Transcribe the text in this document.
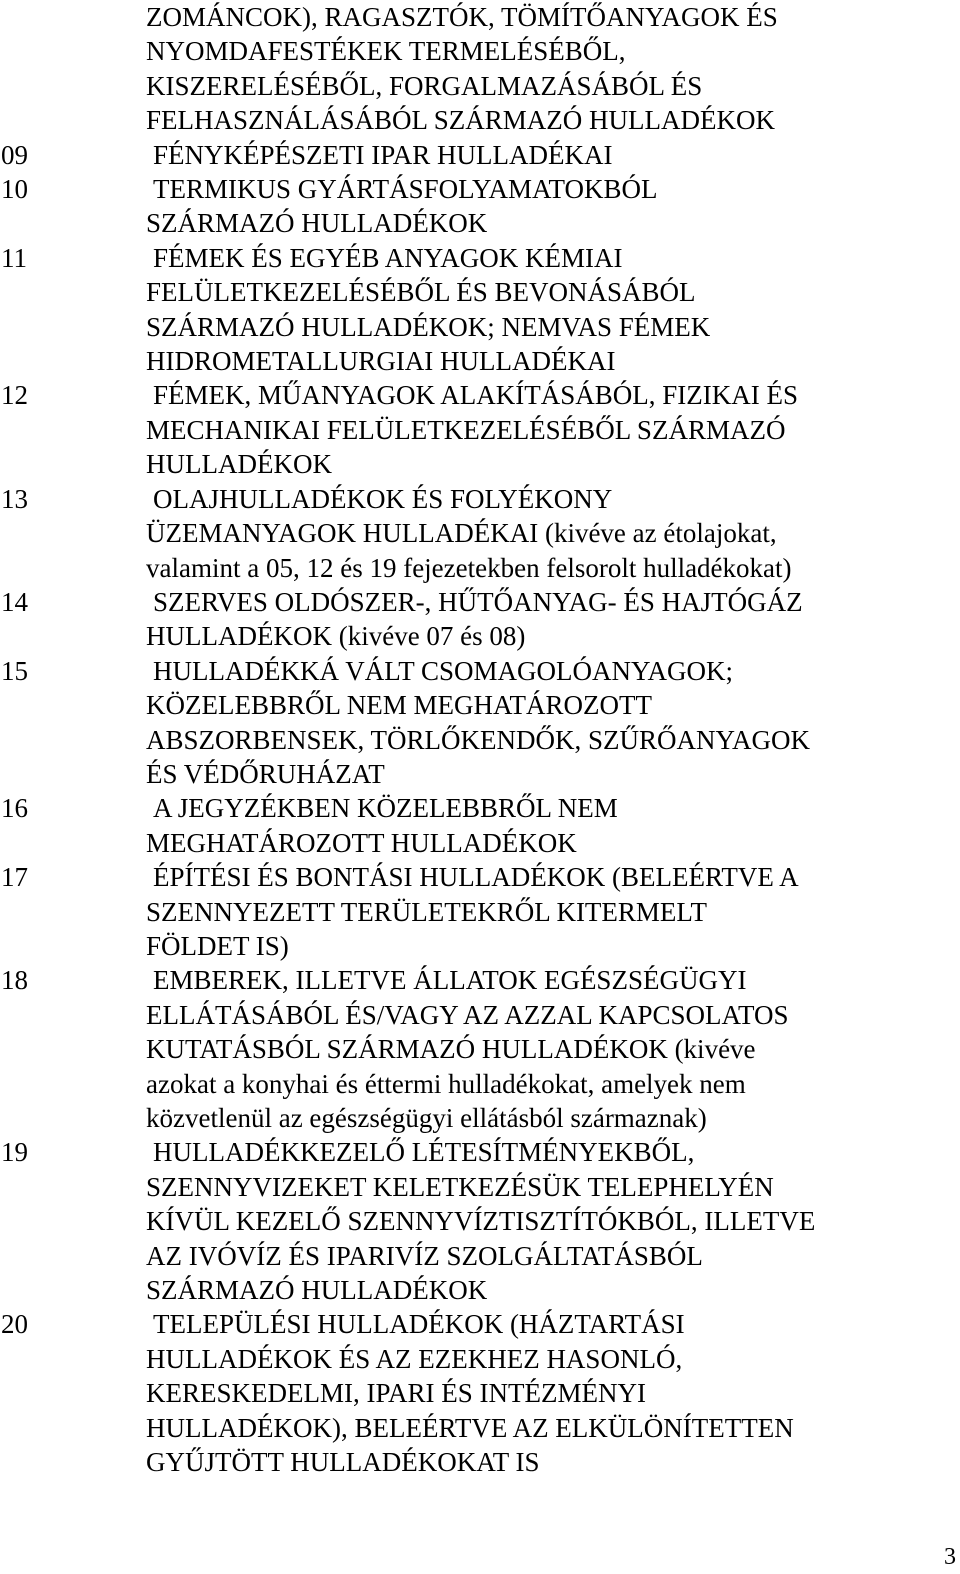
ZOMÁNCOK), RAGASZTÓK, TÖMÍTŐANYAGOK ÉS
NYOMDAFESTÉKEK TERMELÉSÉBŐL,
KISZERELÉSÉBŐL, FORGALMAZÁSÁBÓL ÉS
FELHASZNÁLÁSÁBÓL SZÁRMAZÓ HULLADÉKOK
09	FÉNYKÉPÉSZETI IPAR HULLADÉKAI
10	TERMIKUS GYÁRTÁSFOLYAMATOKBÓL
SZÁRMAZÓ HULLADÉKOK
11	FÉMEK ÉS EGYÉB ANYAGOK KÉMIAI
FELÜLETKEZELÉSÉBŐL ÉS BEVONÁSÁBÓL
SZÁRMAZÓ HULLADÉKOK; NEMVAS FÉMEK
HIDROMETALLURGIAI HULLADÉKAI
12	FÉMEK, MŰANYAGOK ALAKÍTÁSÁBÓL, FIZIKAI ÉS
MECHANIKAI FELÜLETKEZELÉSÉBŐL SZÁRMAZÓ
HULLADÉKOK
13	OLAJHULLADÉKOK ÉS FOLYÉKONY
ÜZEMANYAGOK HULLADÉKAI (kivéve az étolajokat,
valamint a 05, 12 és 19 fejezetekben felsorolt hulladékokat)
14	SZERVES OLDÓSZER-, HŰTŐANYAG- ÉS HAJTÓGÁZ
HULLADÉKOK (kivéve 07 és 08)
15	HULLADÉKKÁ VÁLT CSOMAGOLÓANYAGOK;
KÖZELEBBRŐL NEM MEGHATÁROZOTT
ABSZORBENSEK, TÖRLŐKENDŐK, SZŰRŐANYAGOK
ÉS VÉDŐRUHÁZAT
16	A JEGYZÉKBEN KÖZELEBBRŐL NEM
MEGHATÁROZOTT HULLADÉKOK
17	ÉPÍTÉSI ÉS BONTÁSI HULLADÉKOK (BELEÉRTVE A
SZENNYEZETT TERÜLETEKRŐL KITERMELT
FÖLDET IS)
18	EMBEREK, ILLETVE ÁLLATOK EGÉSZSÉGÜGYI
ELLÁTÁSÁBÓL ÉS/VAGY AZ AZZAL KAPCSOLATOS
KUTATÁSBÓL SZÁRMAZÓ HULLADÉKOK (kivéve
azokat a konyhai és éttermi hulladékokat, amelyek nem
közvetlenül az egészségügyi ellátásból származnak)
19	HULLADÉKKEZELŐ LÉTESÍTMÉNYEKBŐL,
SZENNYVIZEKET KELETKEZÉSÜK TELEPHELYÉN
KÍVÜL KEZELŐ SZENNYVÍZTISZTÍTÓKBÓL, ILLETVE
AZ IVÓVÍZ ÉS IPARIVÍZ SZOLGÁLTATÁSBÓL
SZÁRMAZÓ HULLADÉKOK
20	TELEPÜLÉSI HULLADÉKOK (HÁZTARTÁSI
HULLADÉKOK ÉS AZ EZEKHEZ HASONLÓ,
KERESKEDELMI, IPARI ÉS INTÉZMÉNYI
HULLADÉKOK), BELEÉRTVE AZ ELKÜLÖNÍTETTEN
GYŰJTÖTT HULLADÉKOKAT IS
3
